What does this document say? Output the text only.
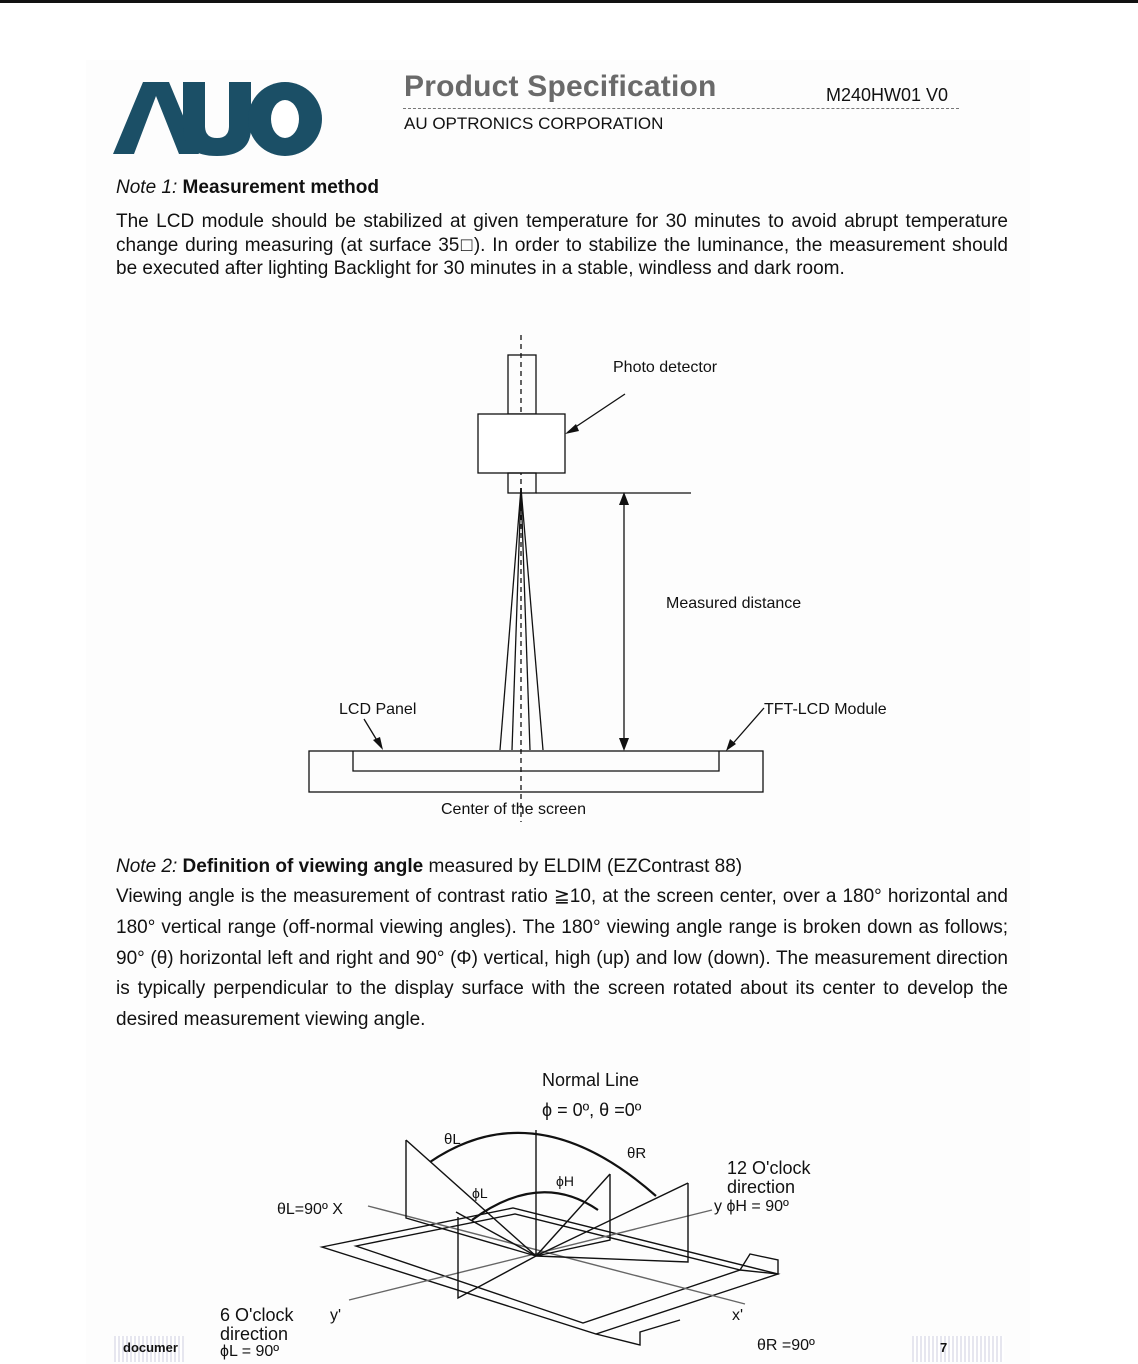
Product Specification	M240HW01 V0
AU OPTRONICS CORPORATION
Note 1: Measurement method
The LCD module should be stabilized at given temperature for 30 minutes to avoid abrupt temperature change during measuring (at surface 35□). In order to stabilize the luminance, the measurement should be executed after lighting Backlight for 30 minutes in a stable, windless and dark room.
Photo detector
Measured distance
LCD Panel	TFT-LCD Module
Center of the screen
Note 2: Definition of viewing angle measured by ELDIM (EZContrast 88)
Viewing angle is the measurement of contrast ratio ≧10, at the screen center, over a 180° horizontal and 180° vertical range (off-normal viewing angles). The 180° viewing angle range is broken down as follows; 90° (θ) horizontal left and right and 90° (Φ) vertical, high (up) and low (down). The measurement direction is typically perpendicular to the display surface with the screen rotated about its center to develop the desired measurement viewing angle.
Normal Line
ϕ = 0º, θ =0º
θL
θR
ϕH
ϕL
12 O'clock
direction
y ϕH = 90º
θL=90º X
6 O'clock
direction
ϕL = 90º
y'	x'
θR =90º
documer	7
